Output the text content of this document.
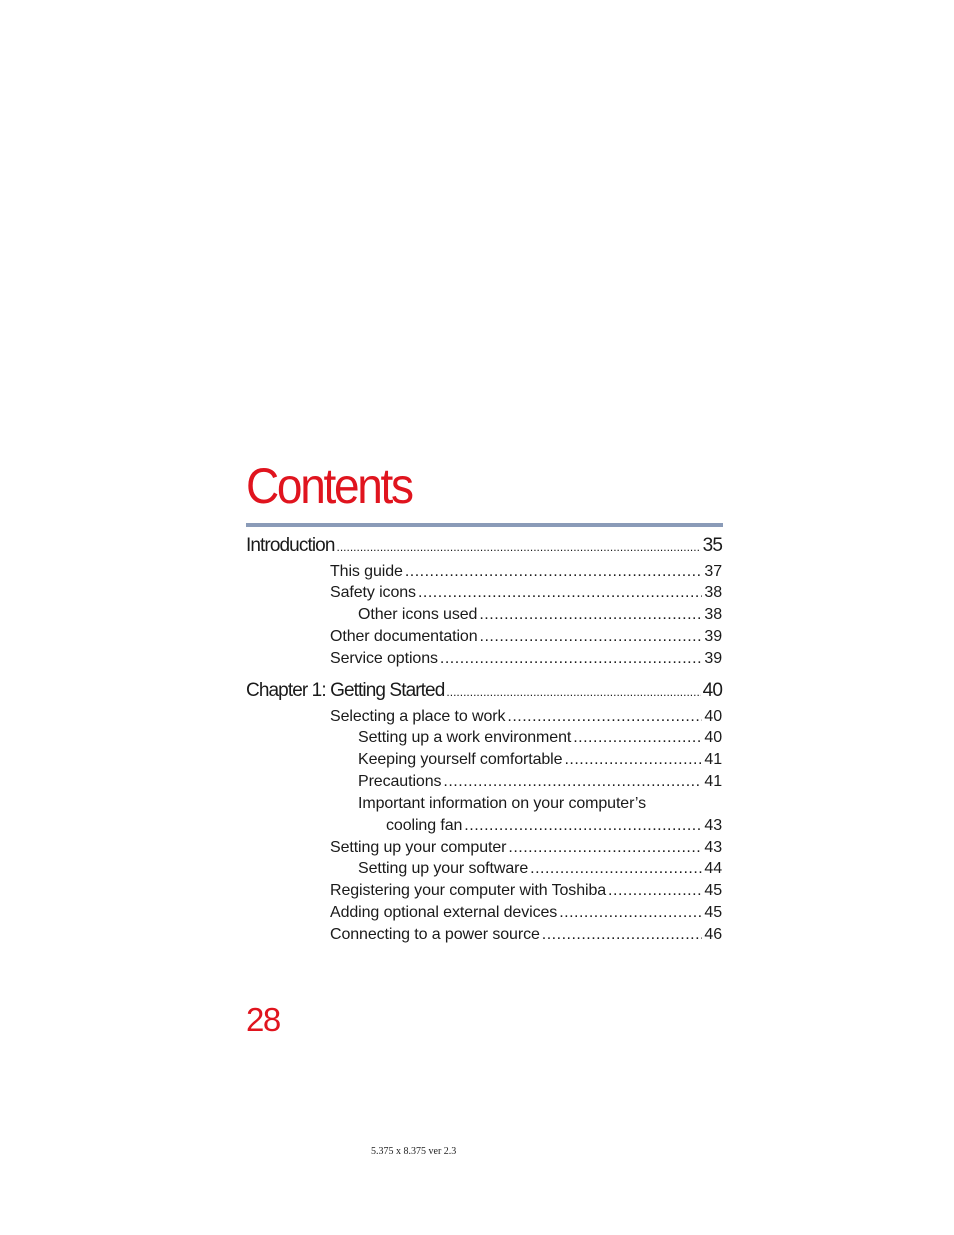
Contents
Introduction .....	35
This guide .....	37
Safety icons .....	38
Other icons used .....	38
Other documentation .....	39
Service options .....	39
Chapter 1: Getting Started .....	40
Selecting a place to work .....	40
Setting up a work environment .....	40
Keeping yourself comfortable .....	41
Precautions .....	41
Important information on your computer’s
cooling fan .....	43
Setting up your computer .....	43
Setting up your software .....	44
Registering your computer with Toshiba .....	45
Adding optional external devices .....	45
Connecting to a power source .....	46
28
5.375 x 8.375 ver 2.3
